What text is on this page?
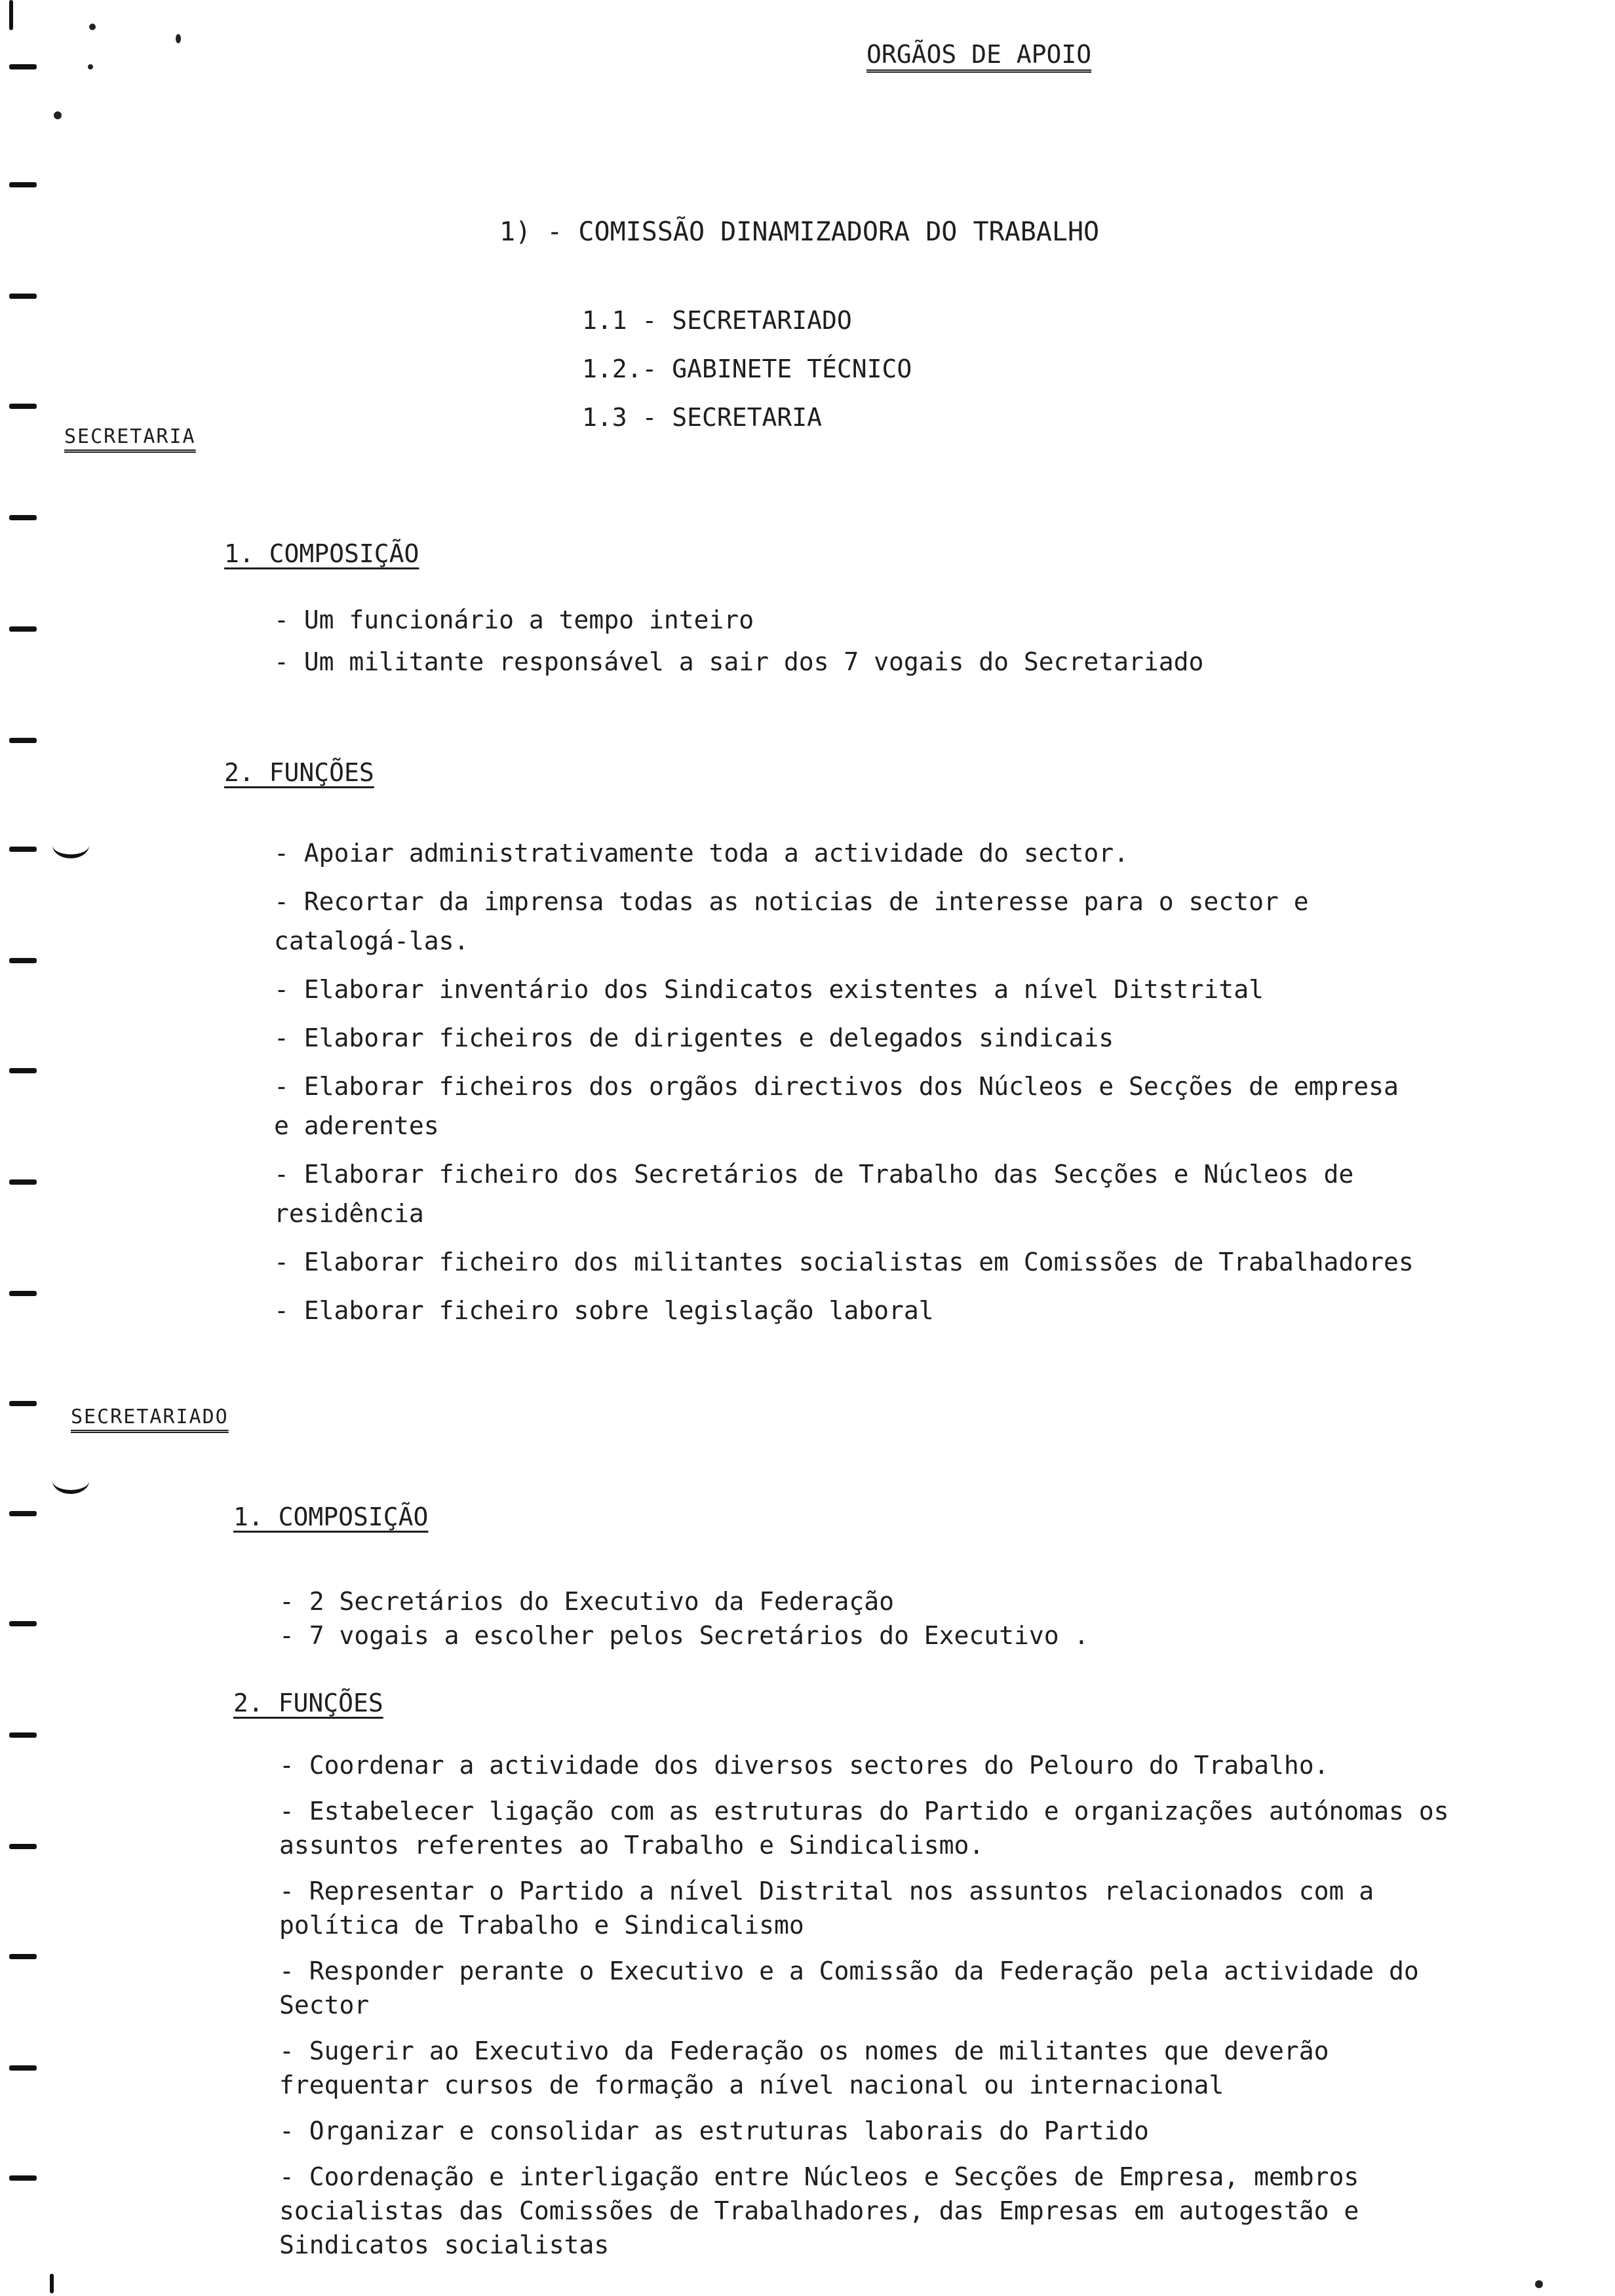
ORGÃOS DE APOIO
1) - COMISSÃO DINAMIZADORA DO TRABALHO
1.1 - SECRETARIADO
1.2.- GABINETE TÉCNICO
1.3 - SECRETARIA
SECRETARIA
1. COMPOSIÇÃO
- Um funcionário a tempo inteiro
- Um militante responsável a sair dos 7 vogais do Secretariado
2. FUNÇÕES
- Apoiar administrativamente toda a actividade do sector.
- Recortar da imprensa todas as noticias de interesse para o sector e catalogá-las.
- Elaborar inventário dos Sindicatos existentes a nível Ditstrital
- Elaborar ficheiros de dirigentes e delegados sindicais
- Elaborar ficheiros dos orgãos directivos dos Núcleos e Secções de empresa e aderentes
- Elaborar ficheiro dos Secretários de Trabalho das Secções e Núcleos de residência
- Elaborar ficheiro dos militantes socialistas em Comissões de Trabalhadores
- Elaborar ficheiro sobre legislação laboral
SECRETARIADO
1. COMPOSIÇÃO
- 2 Secretários do Executivo da Federação
- 7 vogais a escolher pelos Secretários do Executivo .
2. FUNÇÕES
- Coordenar a actividade dos diversos sectores do Pelouro do Trabalho.
- Estabelecer ligação com as estruturas do Partido e organizações autónomas os assuntos referentes ao Trabalho e Sindicalismo.
- Representar o Partido a nível Distrital nos assuntos relacionados com a política de Trabalho e Sindicalismo
- Responder perante o Executivo e a Comissão da Federação pela actividade do Sector
- Sugerir ao Executivo da Federação os nomes de militantes que deverão frequentar cursos de formação a nível nacional ou internacional
- Organizar e consolidar as estruturas laborais do Partido
- Coordenação e interligação entre Núcleos e Secções de Empresa, membros socialistas das Comissões de Trabalhadores, das Empresas em autogestão e Sindicatos socialistas
